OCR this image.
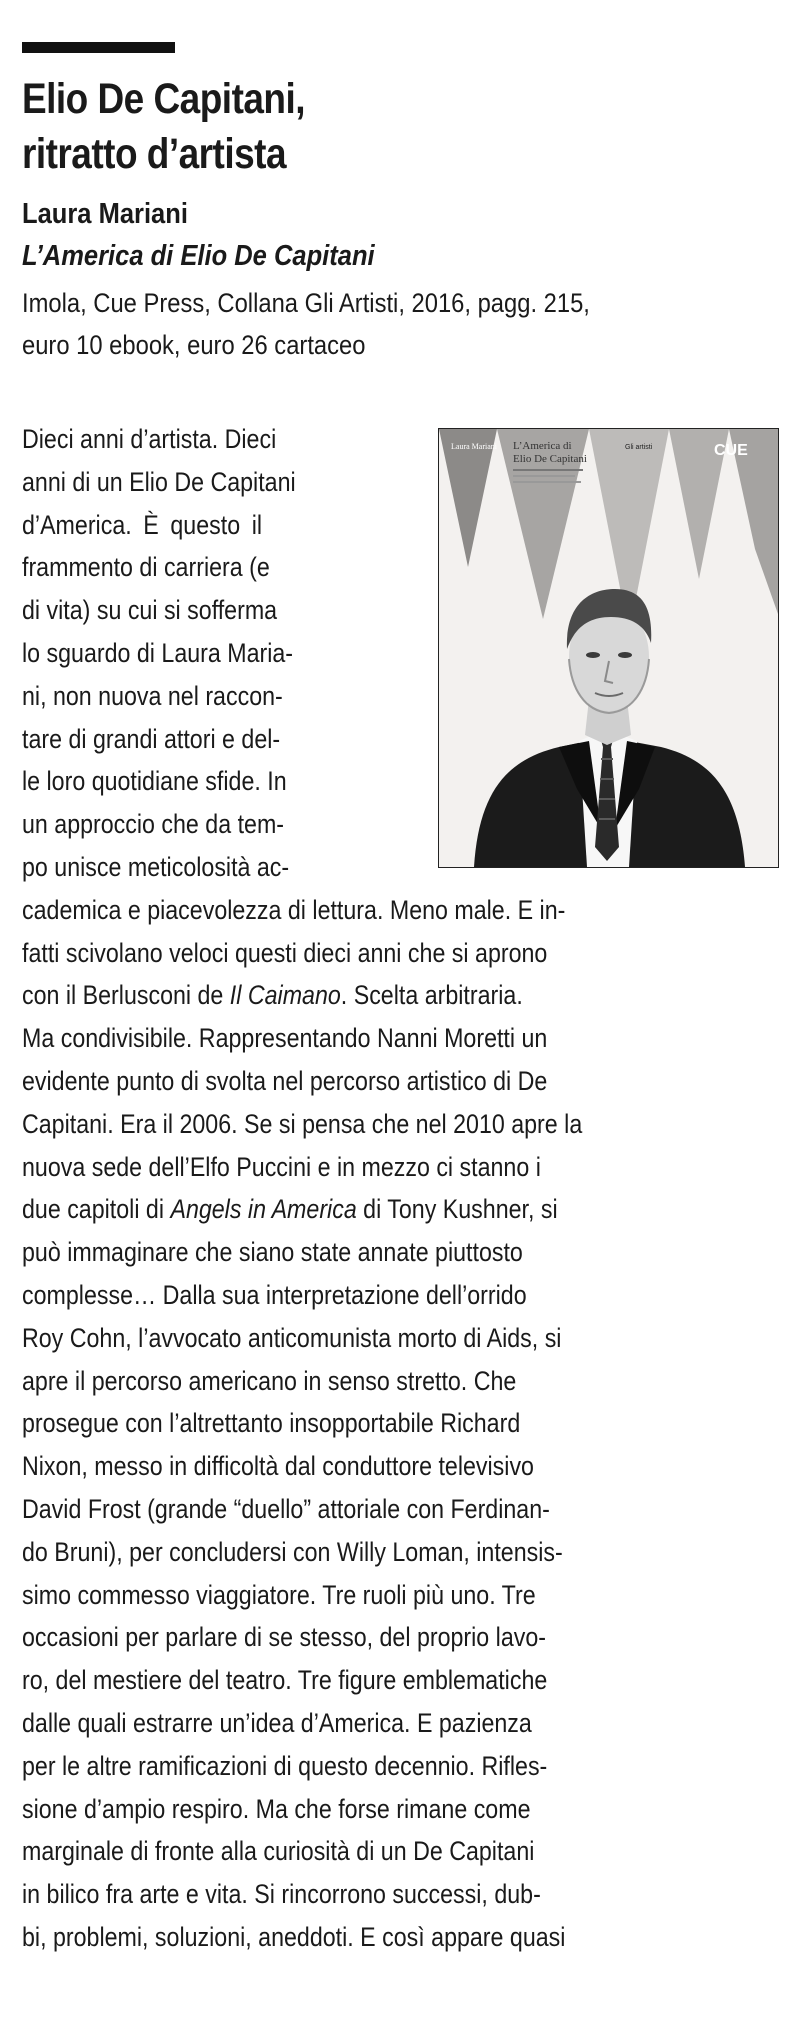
Elio De Capitani,
ritratto d’artista
Laura Mariani
L’America di Elio De Capitani
Imola, Cue Press, Collana Gli Artisti, 2016, pagg. 215,
euro 10 ebook, euro 26 cartaceo
Laura Mariani L’America di
Elio De Capitani
Gli artisti	CUE
Dieci anni d’artista. Dieci
anni di un Elio De Capitani
d’America. È questo il
frammento di carriera (e
di vita) su cui si sofferma
lo sguardo di Laura Maria-
ni, non nuova nel raccon-
tare di grandi attori e del-
le loro quotidiane sfide. In
un approccio che da tem-
po unisce meticolosità ac-
cademica e piacevolezza di lettura. Meno male. E in-
fatti scivolano veloci questi dieci anni che si aprono
con il Berlusconi de Il Caimano. Scelta arbitraria.
Ma condivisibile. Rappresentando Nanni Moretti un
evidente punto di svolta nel percorso artistico di De
Capitani. Era il 2006. Se si pensa che nel 2010 apre la
nuova sede dell’Elfo Puccini e in mezzo ci stanno i
due capitoli di Angels in America di Tony Kushner, si
può immaginare che siano state annate piuttosto
complesse… Dalla sua interpretazione dell’orrido
Roy Cohn, l’avvocato anticomunista morto di Aids, si
apre il percorso americano in senso stretto. Che
prosegue con l’altrettanto insopportabile Richard
Nixon, messo in difficoltà dal conduttore televisivo
David Frost (grande “duello” attoriale con Ferdinan-
do Bruni), per concludersi con Willy Loman, intensis-
simo commesso viaggiatore. Tre ruoli più uno. Tre
occasioni per parlare di se stesso, del proprio lavo-
ro, del mestiere del teatro. Tre figure emblematiche
dalle quali estrarre un’idea d’America. E pazienza
per le altre ramificazioni di questo decennio. Rifles-
sione d’ampio respiro. Ma che forse rimane come
marginale di fronte alla curiosità di un De Capitani
in bilico fra arte e vita. Si rincorrono successi, dub-
bi, problemi, soluzioni, aneddoti. E così appare quasi
